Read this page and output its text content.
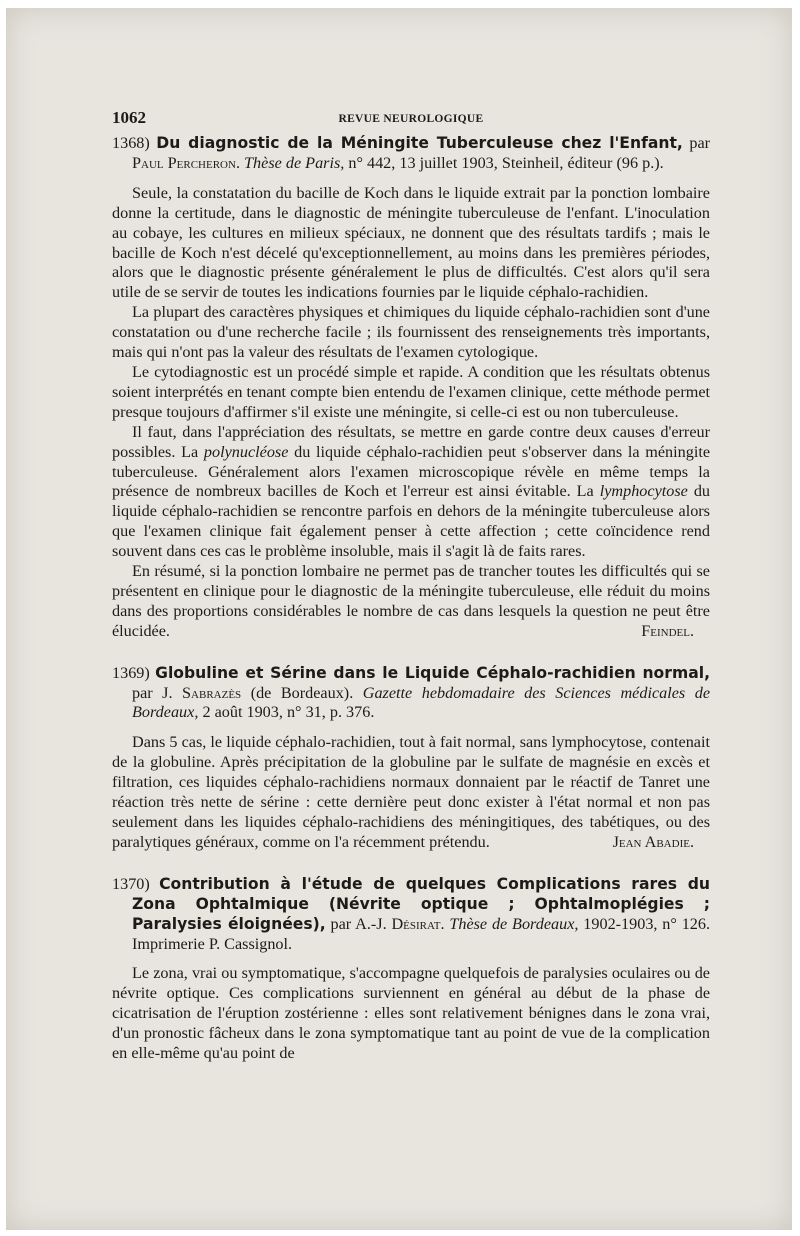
1062	REVUE NEUROLOGIQUE
1368) Du diagnostic de la Méningite Tuberculeuse chez l'Enfant, par Paul Percheron. Thèse de Paris, n° 442, 13 juillet 1903, Steinheil, éditeur (96 p.).

Seule, la constatation du bacille de Koch dans le liquide extrait par la ponction lombaire donne la certitude, dans le diagnostic de méningite tuberculeuse de l'enfant. L'inoculation au cobaye, les cultures en milieux spéciaux, ne donnent que des résultats tardifs ; mais le bacille de Koch n'est décelé qu'exceptionnellement, au moins dans les premières périodes, alors que le diagnostic présente généralement le plus de difficultés. C'est alors qu'il sera utile de se servir de toutes les indications fournies par le liquide céphalo-rachidien.

La plupart des caractères physiques et chimiques du liquide céphalo-rachidien sont d'une constatation ou d'une recherche facile ; ils fournissent des renseignements très importants, mais qui n'ont pas la valeur des résultats de l'examen cytologique.

Le cytodiagnostic est un procédé simple et rapide. A condition que les résultats obtenus soient interprétés en tenant compte bien entendu de l'examen clinique, cette méthode permet presque toujours d'affirmer s'il existe une méningite, si celle-ci est ou non tuberculeuse.

Il faut, dans l'appréciation des résultats, se mettre en garde contre deux causes d'erreur possibles. La polynucléose du liquide céphalo-rachidien peut s'observer dans la méningite tuberculeuse. Généralement alors l'examen microscopique révèle en même temps la présence de nombreux bacilles de Koch et l'erreur est ainsi évitable. La lymphocytose du liquide céphalo-rachidien se rencontre parfois en dehors de la méningite tuberculeuse alors que l'examen clinique fait également penser à cette affection ; cette coïncidence rend souvent dans ces cas le problème insoluble, mais il s'agit là de faits rares.

En résumé, si la ponction lombaire ne permet pas de trancher toutes les difficultés qui se présentent en clinique pour le diagnostic de la méningite tuberculeuse, elle réduit du moins dans des proportions considérables le nombre de cas dans lesquels la question ne peut être élucidée.	Feindel.

1369) Globuline et Sérine dans le Liquide Céphalo-rachidien normal, par J. Sabrazès (de Bordeaux). Gazette hebdomadaire des Sciences médicales de Bordeaux, 2 août 1903, n° 31, p. 376.

Dans 5 cas, le liquide céphalo-rachidien, tout à fait normal, sans lymphocytose, contenait de la globuline. Après précipitation de la globuline par le sulfate de magnésie en excès et filtration, ces liquides céphalo-rachidiens normaux donnaient par le réactif de Tanret une réaction très nette de sérine : cette dernière peut donc exister à l'état normal et non pas seulement dans les liquides céphalo-rachidiens des méningitiques, des tabétiques, ou des paralytiques généraux, comme on l'a récemment prétendu.	Jean Abadie.

1370) Contribution à l'étude de quelques Complications rares du Zona Ophtalmique (Névrite optique ; Ophtalmoplégies ; Paralysies éloignées), par A.-J. Désirat. Thèse de Bordeaux, 1902-1903, n° 126. Imprimerie P. Cassignol.

Le zona, vrai ou symptomatique, s'accompagne quelquefois de paralysies oculaires ou de névrite optique. Ces complications surviennent en général au début de la phase de cicatrisation de l'éruption zostérienne : elles sont relativement bénignes dans le zona vrai, d'un pronostic fâcheux dans le zona symptomatique tant au point de vue de la complication en elle-même qu'au point de
